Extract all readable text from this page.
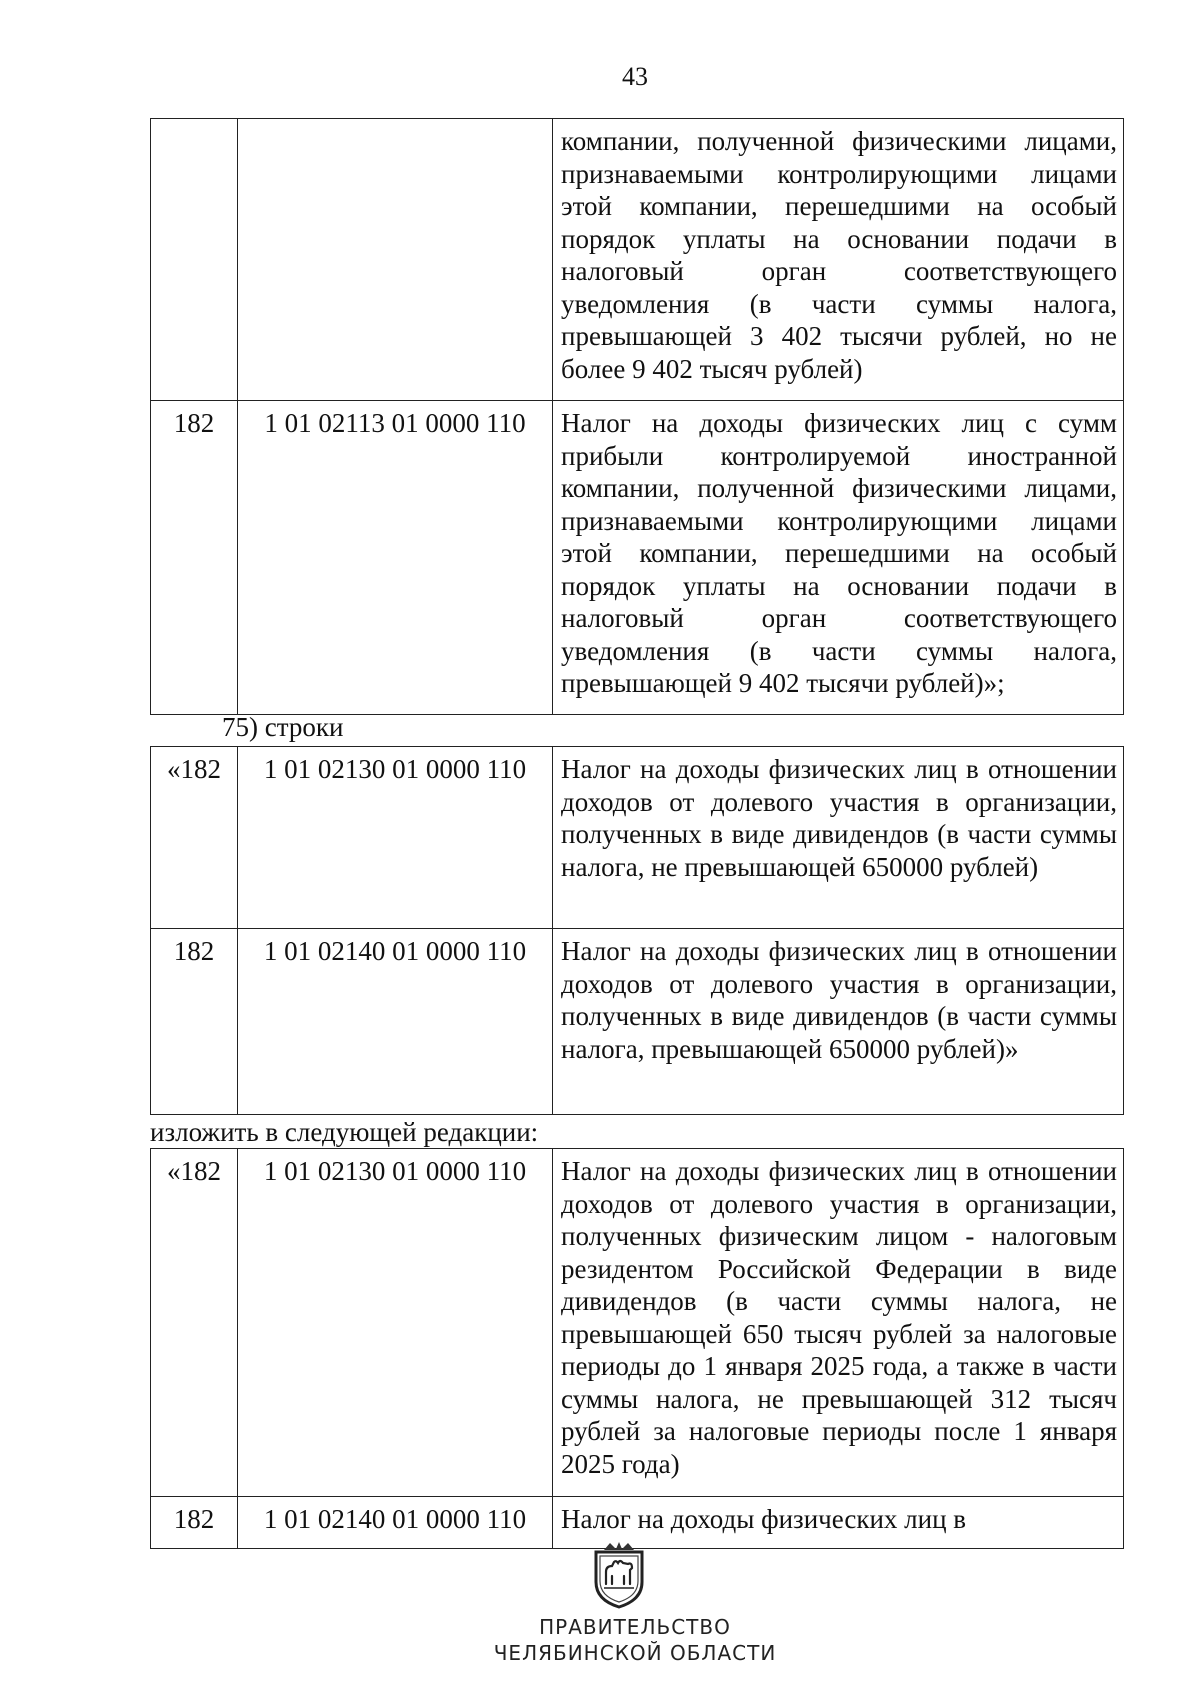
43
		компании, полученной физическими лицами, признаваемыми контролирующими лицами этой компании, перешедшими на особый порядок уплаты на основании подачи в налоговый орган соответствующего уведомления (в части суммы налога, превышающей 3 402 тысячи рублей, но не более 9 402 тысяч рублей)
182	1 01 02113 01 0000 110	Налог на доходы физических лиц с сумм прибыли контролируемой иностранной компании, полученной физическими лицами, признаваемыми контролирующими лицами этой компании, перешедшими на особый порядок уплаты на основании подачи в налоговый орган соответствующего уведомления (в части суммы налога, превышающей 9 402 тысячи рублей)»;
75) строки
«182	1 01 02130 01 0000 110	Налог на доходы физических лиц в отношении доходов от долевого участия в организации, полученных в виде дивидендов (в части суммы налога, не превышающей 650000 рублей)
182	1 01 02140 01 0000 110	Налог на доходы физических лиц в отношении доходов от долевого участия в организации, полученных в виде дивидендов (в части суммы налога, превышающей 650000 рублей)»
изложить в следующей редакции:
«182	1 01 02130 01 0000 110	Налог на доходы физических лиц в отношении доходов от долевого участия в организации, полученных физическим лицом - налоговым резидентом Российской Федерации в виде дивидендов (в части суммы налога, не превышающей 650 тысяч рублей за налоговые периоды до 1 января 2025 года, а также в части суммы налога, не превышающей 312 тысяч рублей за налоговые периоды после 1 января 2025 года)
182	1 01 02140 01 0000 110	Налог на доходы физических лиц в
ПРАВИТЕЛЬСТВО
ЧЕЛЯБИНСКОЙ ОБЛАСТИ
